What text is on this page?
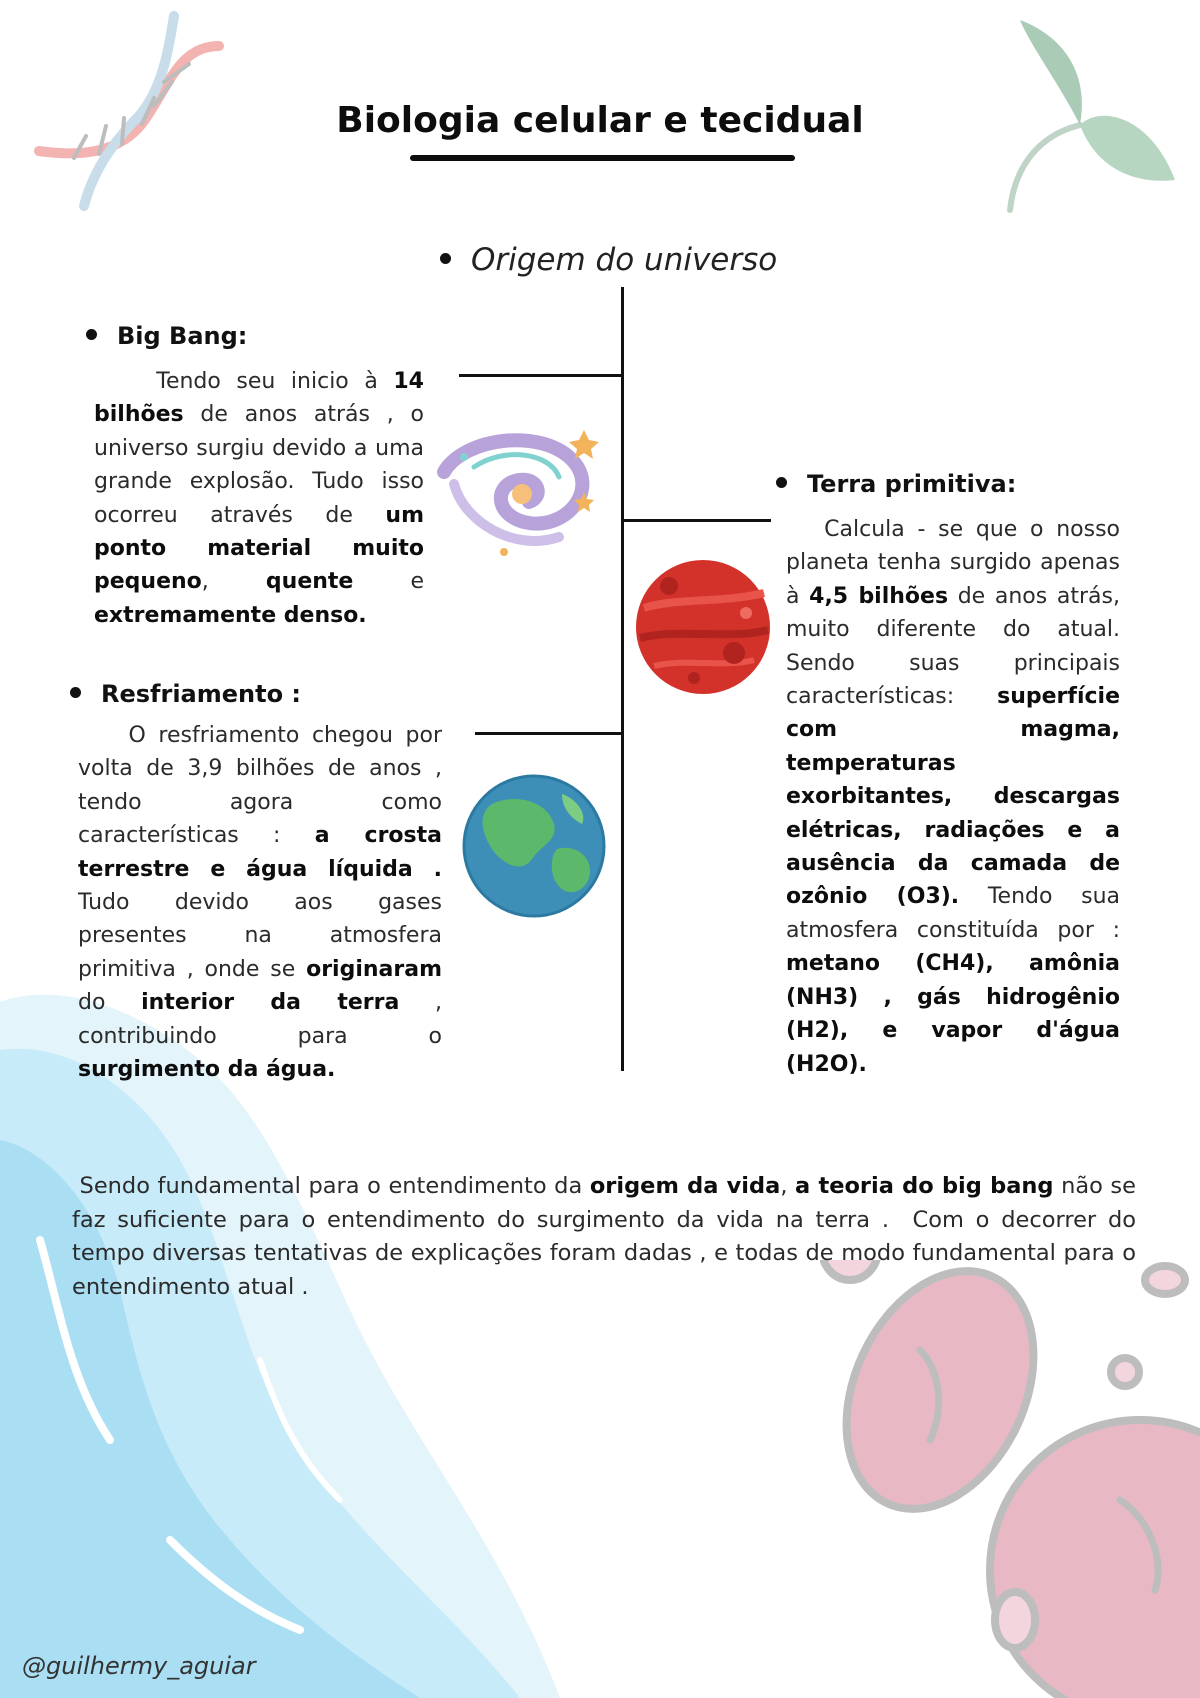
Biologia celular e tecidual
Origem do universo
Big Bang:
Tendo seu inicio à 14 bilhões de anos atrás , o universo surgiu devido a uma grande explosão. Tudo isso ocorreu através de um ponto material muito pequeno, quente e extremamente denso.
Terra primitiva:
Calcula - se que o nosso planeta tenha surgido apenas à 4,5 bilhões de anos atrás, muito diferente do atual. Sendo suas principais características: superfície com magma, temperaturas exorbitantes, descargas elétricas, radiações e a ausência da camada de ozônio (O3). Tendo sua atmosfera constituída por : metano (CH4), amônia (NH3) , gás hidrogênio (H2), e vapor d'água (H2O).
Resfriamento :
O resfriamento chegou por volta de 3,9 bilhões de anos , tendo agora como características : a crosta terrestre e água líquida . Tudo devido aos gases presentes na atmosfera primitiva , onde se originaram do interior da terra , contribuindo para o surgimento da água.
Sendo fundamental para o entendimento da origem da vida, a teoria do big bang não se faz suficiente para o entendimento do surgimento da vida na terra .  Com o decorrer do tempo diversas tentativas de explicações foram dadas , e todas de modo fundamental para o entendimento atual .
@guilhermy_aguiar
